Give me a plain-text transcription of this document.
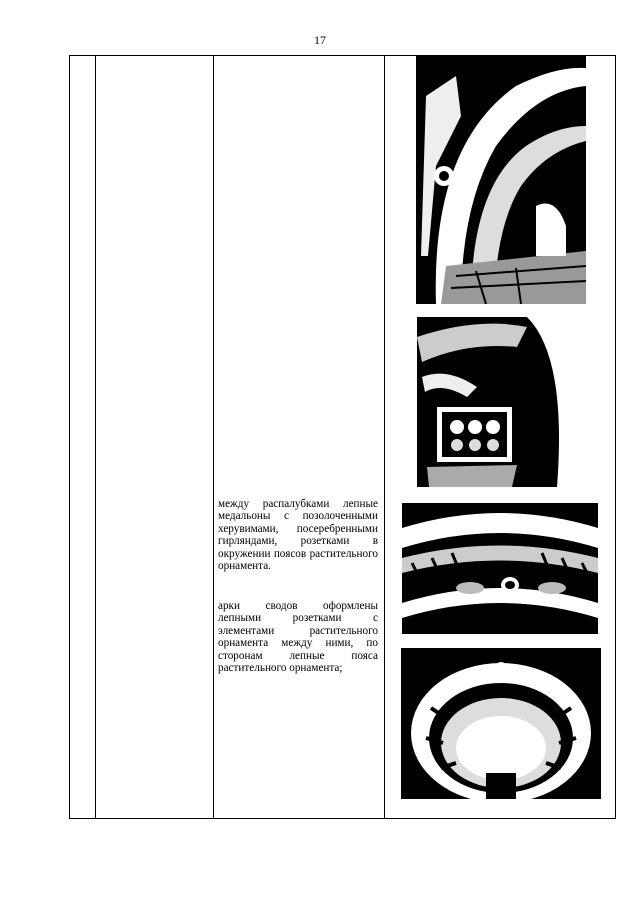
17

между распалубками лепные медальоны с позолоченными херувимами, посеребренными гирляндами, розетками в окружении поясов растительного орнамента.

арки сводов оформлены лепными розетками с элементами растительного орнамента между ними, по сторонам лепные пояса растительного орнамента;
